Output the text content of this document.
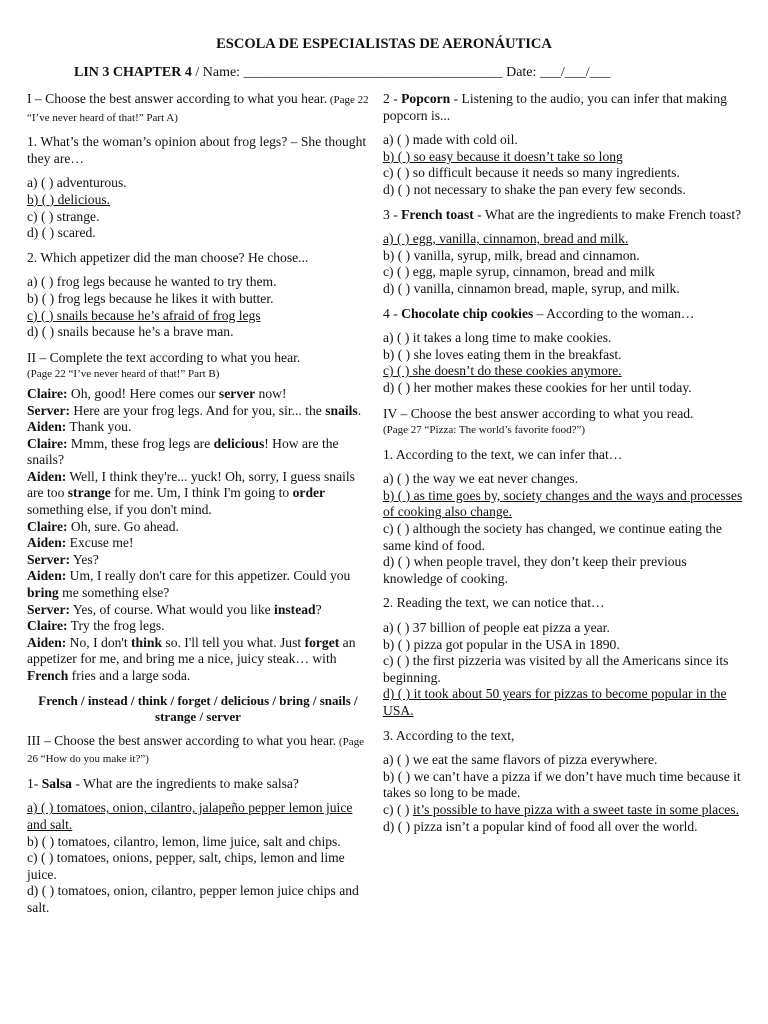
ESCOLA DE ESPECIALISTAS DE AERONÁUTICA
LIN 3 CHAPTER 4 / Name: _____________________________________ Date: ___/___/___

I – Choose the best answer according to what you hear. (Page 22 “I’ve never heard of that!” Part A)

1. What’s the woman’s opinion about frog legs? – She thought they are…

a) ( ) adventurous.

b) ( ) delicious.

c) ( ) strange.

d) ( ) scared.

2. Which appetizer did the man choose? He chose...

a) ( ) frog legs because he wanted to try them.

b) ( ) frog legs because he likes it with butter.

c) ( ) snails because he’s afraid of frog legs

d) ( ) snails because he’s a brave man.

II – Complete the text according to what you hear.

(Page 22 “I’ve never heard of that!” Part B)

Claire: Oh, good! Here comes our server now!

Server: Here are your frog legs. And for you, sir... the snails.

Aiden: Thank you.

Claire: Mmm, these frog legs are delicious! How are the snails?

Aiden: Well, I think they're... yuck! Oh, sorry, I guess snails are too strange for me. Um, I think I'm going to order something else, if you don't mind.

Claire: Oh, sure. Go ahead.

Aiden: Excuse me!

Server: Yes?

Aiden: Um, I really don't care for this appetizer. Could you bring me something else?

Server: Yes, of course. What would you like instead?

Claire: Try the frog legs.

Aiden: No, I don't think so. I'll tell you what. Just forget an appetizer for me, and bring me a nice, juicy steak… with

French fries and a large soda.

French / instead / think / forget / delicious / bring / snails / strange / server

III – Choose the best answer according to what you hear. (Page 26 “How do you make it?”)

1- Salsa - What are the ingredients to make salsa?

a) ( ) tomatoes, onion, cilantro, jalapeño pepper lemon juice and salt.

b) ( ) tomatoes, cilantro, lemon, lime juice, salt and chips.

c) ( ) tomatoes, onions, pepper, salt, chips, lemon and lime juice.

d) ( ) tomatoes, onion, cilantro, pepper lemon juice chips and salt.

2 - Popcorn - Listening to the audio, you can infer that making popcorn is...

a) ( ) made with cold oil.

b) ( ) so easy because it doesn’t take so long

c) ( ) so difficult because it needs so many ingredients.

d) ( ) not necessary to shake the pan every few seconds.

3 - French toast - What are the ingredients to make French toast?

a) ( ) egg, vanilla, cinnamon, bread and milk.

b) ( ) vanilla, syrup, milk, bread and cinnamon.

c) ( ) egg, maple syrup, cinnamon, bread and milk

d) ( ) vanilla, cinnamon bread, maple, syrup, and milk.

4 - Chocolate chip cookies – According to the woman…

a) ( ) it takes a long time to make cookies.

b) ( ) she loves eating them in the breakfast.

c) ( ) she doesn’t do these cookies anymore.

d) ( ) her mother makes these cookies for her until today.

IV – Choose the best answer according to what you read.

(Page 27 “Pizza: The world’s favorite food?”)

1. According to the text, we can infer that…

a) ( ) the way we eat never changes.

b) ( ) as time goes by, society changes and the ways and processes of cooking also change.

c) ( ) although the society has changed, we continue eating the same kind of food.

d) ( ) when people travel, they don’t keep their previous knowledge of cooking.

2. Reading the text, we can notice that…

a) ( ) 37 billion of people eat pizza a year.

b) ( ) pizza got popular in the USA in 1890.

c) ( ) the first pizzeria was visited by all the Americans since its beginning.

d) ( ) it took about 50 years for pizzas to become popular in the USA.

3. According to the text,

a) ( ) we eat the same flavors of pizza everywhere.

b) ( ) we can’t have a pizza if we don’t have much time because it takes so long to be made.

c) ( ) it’s possible to have pizza with a sweet taste in some places.

d) ( ) pizza isn’t a popular kind of food all over the world.
